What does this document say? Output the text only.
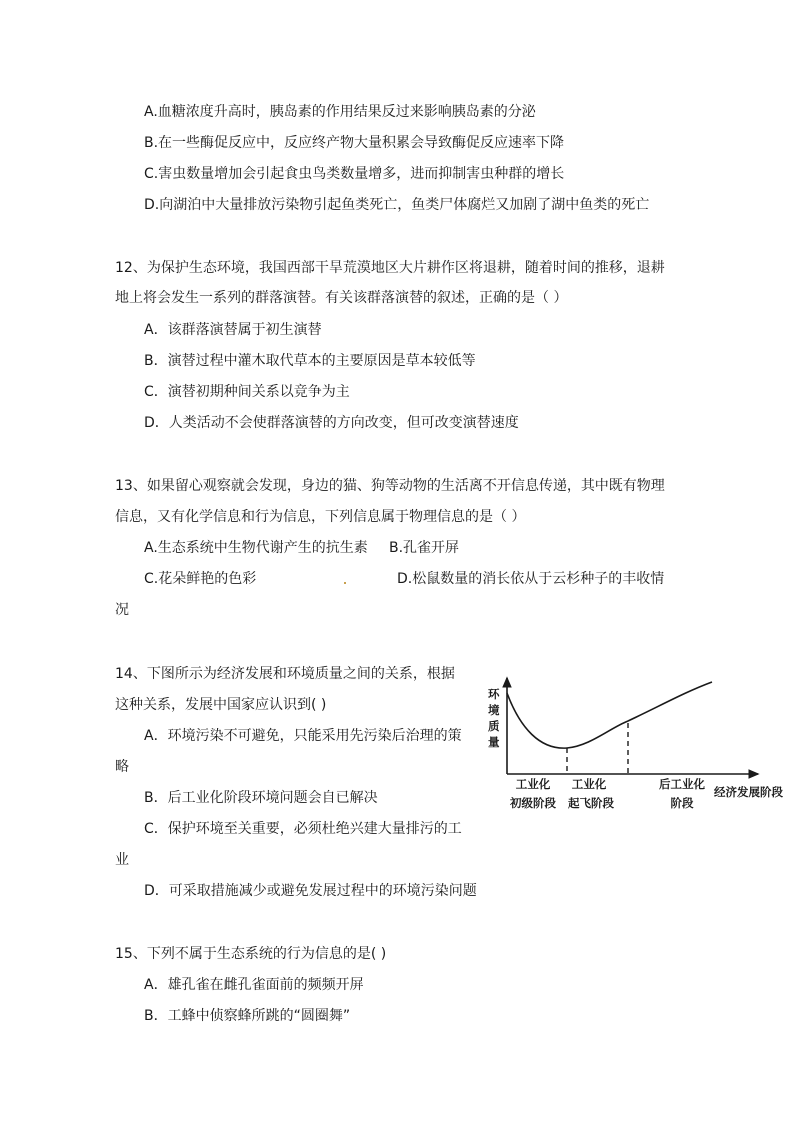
A.血糖浓度升高时，胰岛素的作用结果反过来影响胰岛素的分泌
B.在一些酶促反应中，反应终产物大量积累会导致酶促反应速率下降
C.害虫数量增加会引起食虫鸟类数量增多，进而抑制害虫种群的增长
D.向湖泊中大量排放污染物引起鱼类死亡，鱼类尸体腐烂又加剧了湖中鱼类的死亡
12、为保护生态环境，我国西部干旱荒漠地区大片耕作区将退耕，随着时间的推移，退耕
地上将会发生一系列的群落演替。有关该群落演替的叙述，正确的是（ ）
A．该群落演替属于初生演替
B．演替过程中灌木取代草本的主要原因是草本较低等
C．演替初期种间关系以竞争为主
D．人类活动不会使群落演替的方向改变，但可改变演替速度
13、如果留心观察就会发现，身边的猫、狗等动物的生活离不开信息传递，其中既有物理
信息，又有化学信息和行为信息，下列信息属于物理信息的是（ ）
A.生态系统中生物代谢产生的抗生素 B.孔雀开屏
C.花朵鲜艳的色彩	D.松鼠数量的消长依从于云杉种子的丰收情
况
14、下图所示为经济发展和环境质量之间的关系，根据
这种关系，发展中国家应认识到( )
A．环境污染不可避免，只能采用先污染后治理的策
略
B．后工业化阶段环境问题会自已解决
C．保护环境至关重要，必须杜绝兴建大量排污的工
业
D．可采取措施减少或避免发展过程中的环境污染问题
环
境
质
量
工业化
初级阶段
工业化
起飞阶段
后工业化
阶段
经济发展阶段
15、下列不属于生态系统的行为信息的是( )
A．雄孔雀在雌孔雀面前的频频开屏
B．工蜂中侦察蜂所跳的“圆圈舞”
